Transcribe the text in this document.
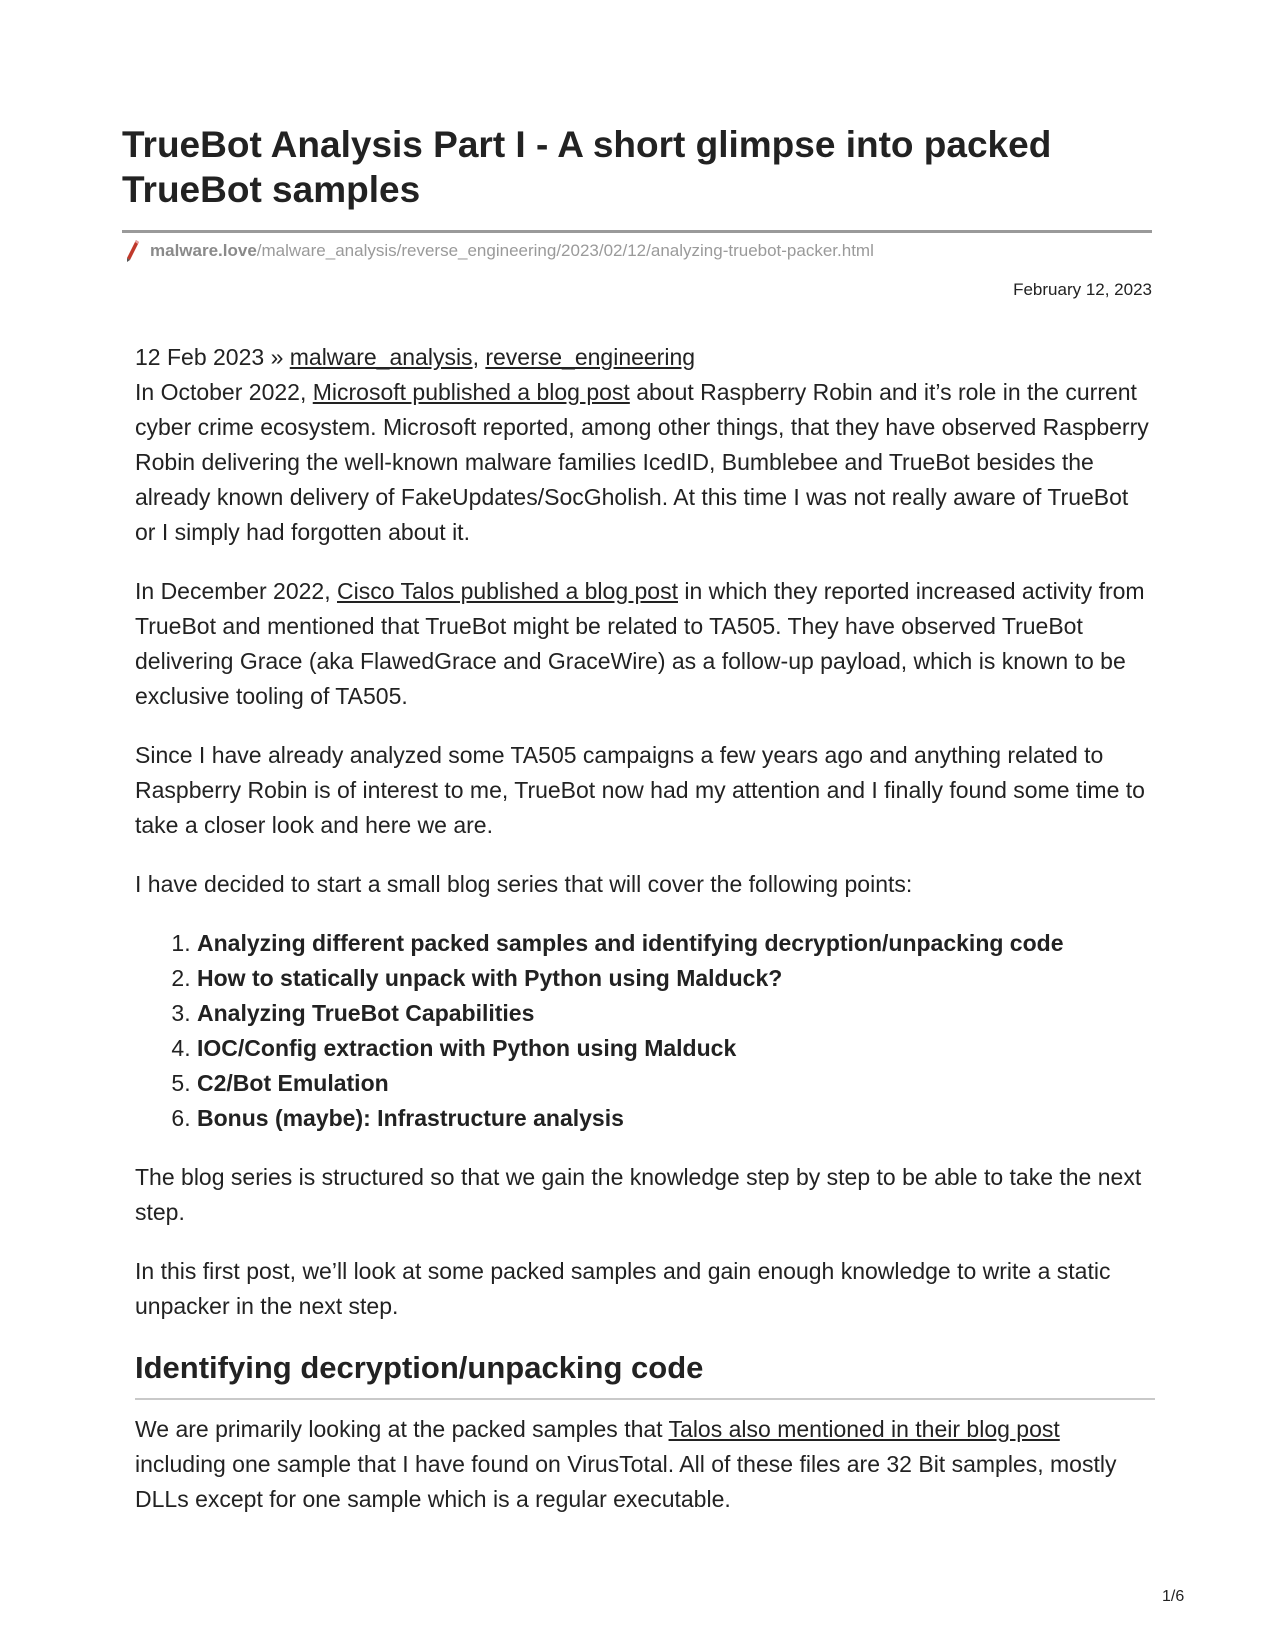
TrueBot Analysis Part I - A short glimpse into packed TrueBot samples
malware.love /malware_analysis/reverse_engineering/2023/02/12/analyzing-truebot-packer.html
February 12, 2023

12 Feb 2023 » malware_analysis, reverse_engineering

In October 2022, Microsoft published a blog post about Raspberry Robin and it’s role in the current cyber crime ecosystem. Microsoft reported, among other things, that they have observed Raspberry Robin delivering the well-known malware families IcedID, Bumblebee and TrueBot besides the already known delivery of FakeUpdates/SocGholish. At this time I was not really aware of TrueBot or I simply had forgotten about it.

In December 2022, Cisco Talos published a blog post in which they reported increased activity from TrueBot and mentioned that TrueBot might be related to TA505. They have observed TrueBot delivering Grace (aka FlawedGrace and GraceWire) as a follow-up payload, which is known to be exclusive tooling of TA505.

Since I have already analyzed some TA505 campaigns a few years ago and anything related to Raspberry Robin is of interest to me, TrueBot now had my attention and I finally found some time to take a closer look and here we are.

I have decided to start a small blog series that will cover the following points:

1. Analyzing different packed samples and identifying decryption/unpacking code
2. How to statically unpack with Python using Malduck?
3. Analyzing TrueBot Capabilities
4. IOC/Config extraction with Python using Malduck
5. C2/Bot Emulation
6. Bonus (maybe): Infrastructure analysis

The blog series is structured so that we gain the knowledge step by step to be able to take the next step.

In this first post, we’ll look at some packed samples and gain enough knowledge to write a static unpacker in the next step.

Identifying decryption/unpacking code

We are primarily looking at the packed samples that Talos also mentioned in their blog post including one sample that I have found on VirusTotal. All of these files are 32 Bit samples, mostly DLLs except for one sample which is a regular executable.

1/6
